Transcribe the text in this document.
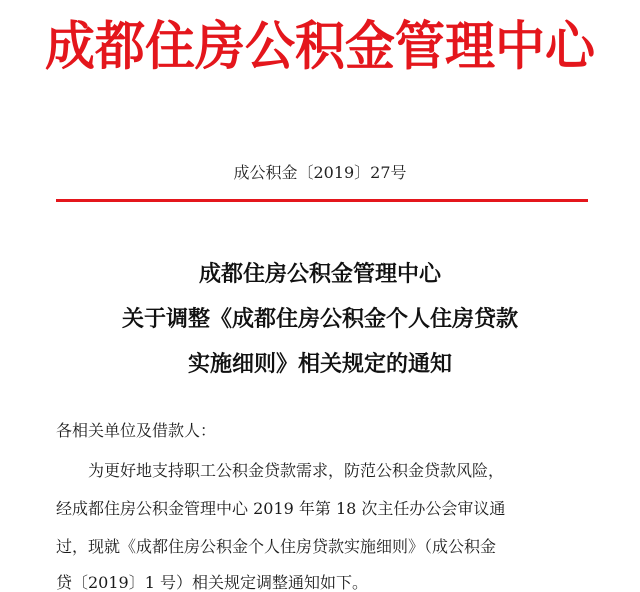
成都住房公积金管理中心
成公积金〔2019〕27号
成都住房公积金管理中心
关于调整《成都住房公积金个人住房贷款
实施细则》相关规定的通知
各相关单位及借款人：
为更好地支持职工公积金贷款需求，防范公积金贷款风险，
经成都住房公积金管理中心 2019 年第 18 次主任办公会审议通
过，现就《成都住房公积金个人住房贷款实施细则》（成公积金
贷〔2019〕1 号）相关规定调整通知如下。
